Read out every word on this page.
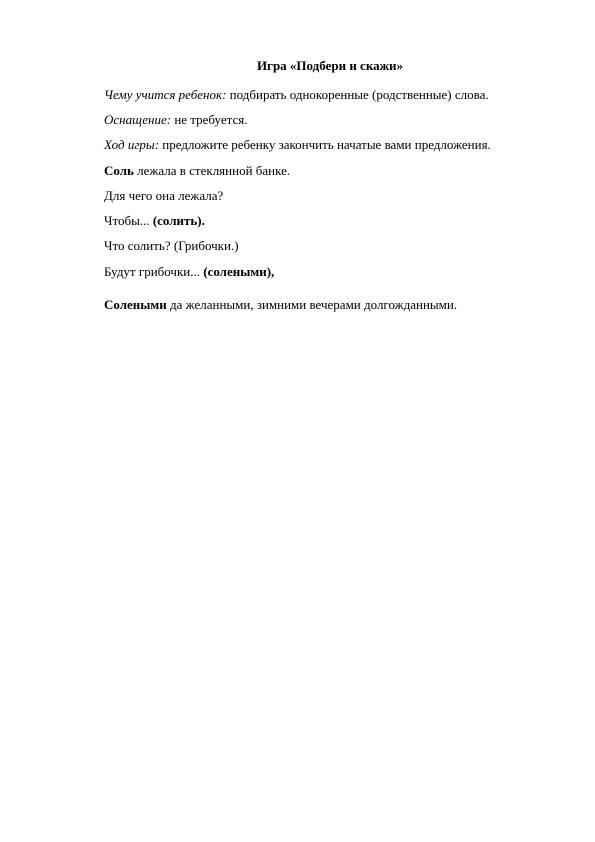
Игра «Подбери и скажи»
Чему учится ребенок: подбирать однокоренные (родственные) слова.
Оснащение: не требуется.
Ход игры: предложите ребенку закончить начатые вами предложения.
Соль лежала в стеклянной банке.
Для чего она лежала?
Чтобы... (солить).
Что солить? (Грибочки.)
Будут грибочки... (солеными),
Солеными да желанными, зимними вечерами долгожданными.
